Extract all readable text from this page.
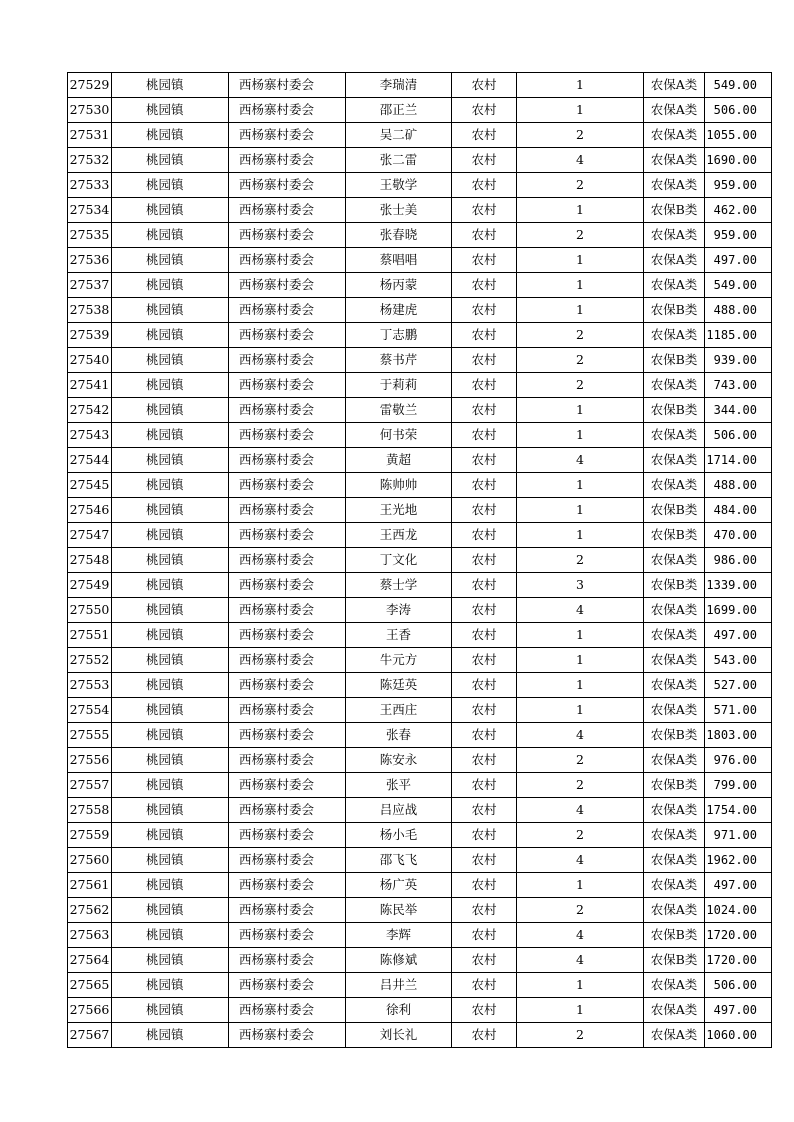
27529	桃园镇	西杨寨村委会	李瑞清	农村	1	农保A类	549.00
27530	桃园镇	西杨寨村委会	邵正兰	农村	1	农保A类	506.00
27531	桃园镇	西杨寨村委会	吴二矿	农村	2	农保A类	1055.00
27532	桃园镇	西杨寨村委会	张二雷	农村	4	农保A类	1690.00
27533	桃园镇	西杨寨村委会	王敬学	农村	2	农保A类	959.00
27534	桃园镇	西杨寨村委会	张士美	农村	1	农保B类	462.00
27535	桃园镇	西杨寨村委会	张春晓	农村	2	农保A类	959.00
27536	桃园镇	西杨寨村委会	蔡唱唱	农村	1	农保A类	497.00
27537	桃园镇	西杨寨村委会	杨丙蒙	农村	1	农保A类	549.00
27538	桃园镇	西杨寨村委会	杨建虎	农村	1	农保B类	488.00
27539	桃园镇	西杨寨村委会	丁志鹏	农村	2	农保A类	1185.00
27540	桃园镇	西杨寨村委会	蔡书芹	农村	2	农保B类	939.00
27541	桃园镇	西杨寨村委会	于莉莉	农村	2	农保A类	743.00
27542	桃园镇	西杨寨村委会	雷敬兰	农村	1	农保B类	344.00
27543	桃园镇	西杨寨村委会	何书荣	农村	1	农保A类	506.00
27544	桃园镇	西杨寨村委会	黄超	农村	4	农保A类	1714.00
27545	桃园镇	西杨寨村委会	陈帅帅	农村	1	农保A类	488.00
27546	桃园镇	西杨寨村委会	王光地	农村	1	农保B类	484.00
27547	桃园镇	西杨寨村委会	王西龙	农村	1	农保B类	470.00
27548	桃园镇	西杨寨村委会	丁文化	农村	2	农保A类	986.00
27549	桃园镇	西杨寨村委会	蔡士学	农村	3	农保B类	1339.00
27550	桃园镇	西杨寨村委会	李涛	农村	4	农保A类	1699.00
27551	桃园镇	西杨寨村委会	王香	农村	1	农保A类	497.00
27552	桃园镇	西杨寨村委会	牛元方	农村	1	农保A类	543.00
27553	桃园镇	西杨寨村委会	陈廷英	农村	1	农保A类	527.00
27554	桃园镇	西杨寨村委会	王西庄	农村	1	农保A类	571.00
27555	桃园镇	西杨寨村委会	张春	农村	4	农保B类	1803.00
27556	桃园镇	西杨寨村委会	陈安永	农村	2	农保A类	976.00
27557	桃园镇	西杨寨村委会	张平	农村	2	农保B类	799.00
27558	桃园镇	西杨寨村委会	吕应战	农村	4	农保A类	1754.00
27559	桃园镇	西杨寨村委会	杨小毛	农村	2	农保A类	971.00
27560	桃园镇	西杨寨村委会	邵飞飞	农村	4	农保A类	1962.00
27561	桃园镇	西杨寨村委会	杨广英	农村	1	农保A类	497.00
27562	桃园镇	西杨寨村委会	陈民举	农村	2	农保A类	1024.00
27563	桃园镇	西杨寨村委会	李辉	农村	4	农保B类	1720.00
27564	桃园镇	西杨寨村委会	陈修斌	农村	4	农保B类	1720.00
27565	桃园镇	西杨寨村委会	吕井兰	农村	1	农保A类	506.00
27566	桃园镇	西杨寨村委会	徐利	农村	1	农保A类	497.00
27567	桃园镇	西杨寨村委会	刘长礼	农村	2	农保A类	1060.00
